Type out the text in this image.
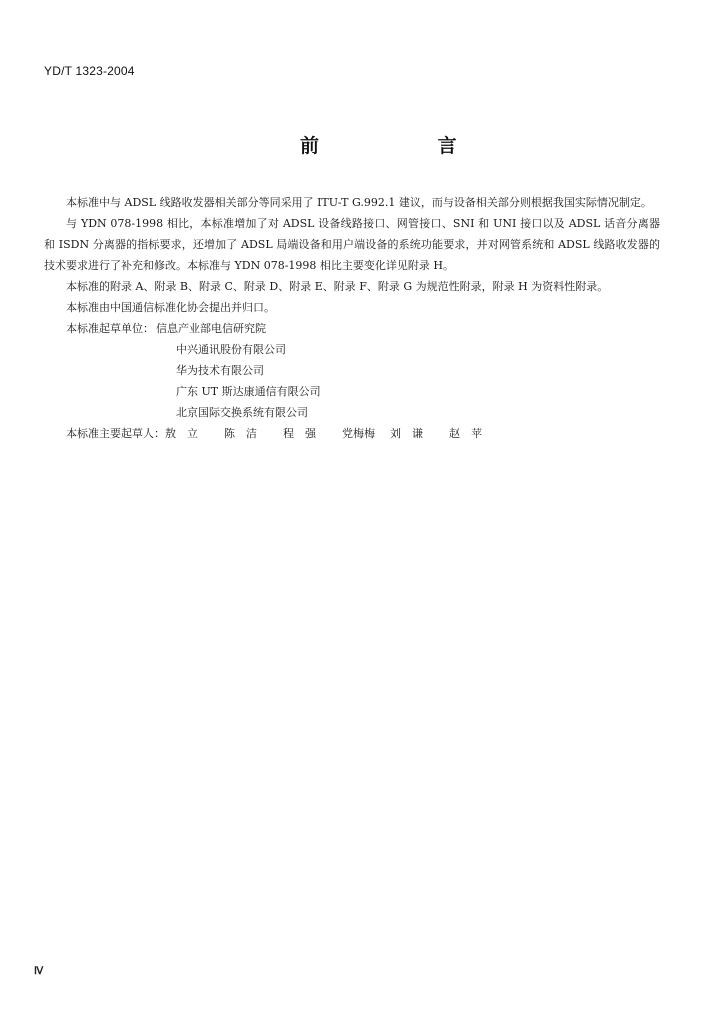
YD/T 1323-2004
前 言

本标准中与 ADSL 线路收发器相关部分等同采用了 ITU-T G.992.1 建议，而与设备相关部分则根据我国实际情况制定。

与 YDN 078-1998 相比，本标准增加了对 ADSL 设备线路接口、网管接口、SNI 和 UNI 接口以及 ADSL 话音分离器和 ISDN 分离器的指标要求，还增加了 ADSL 局端设备和用户端设备的系统功能要求，并对网管系统和 ADSL 线路收发器的技术要求进行了补充和修改。本标准与 YDN 078-1998 相比主要变化详见附录 H。

本标准的附录 A、附录 B、附录 C、附录 D、附录 E、附录 F、附录 G 为规范性附录，附录 H 为资料性附录。

本标准由中国通信标准化协会提出并归口。

本标准起草单位： 信息产业部电信研究院
中兴通讯股份有限公司
华为技术有限公司
广东 UT 斯达康通信有限公司
北京国际交换系统有限公司
本标准主要起草人： 敖立 陈洁 程强 党梅梅 刘谦 赵苹
Ⅳ
